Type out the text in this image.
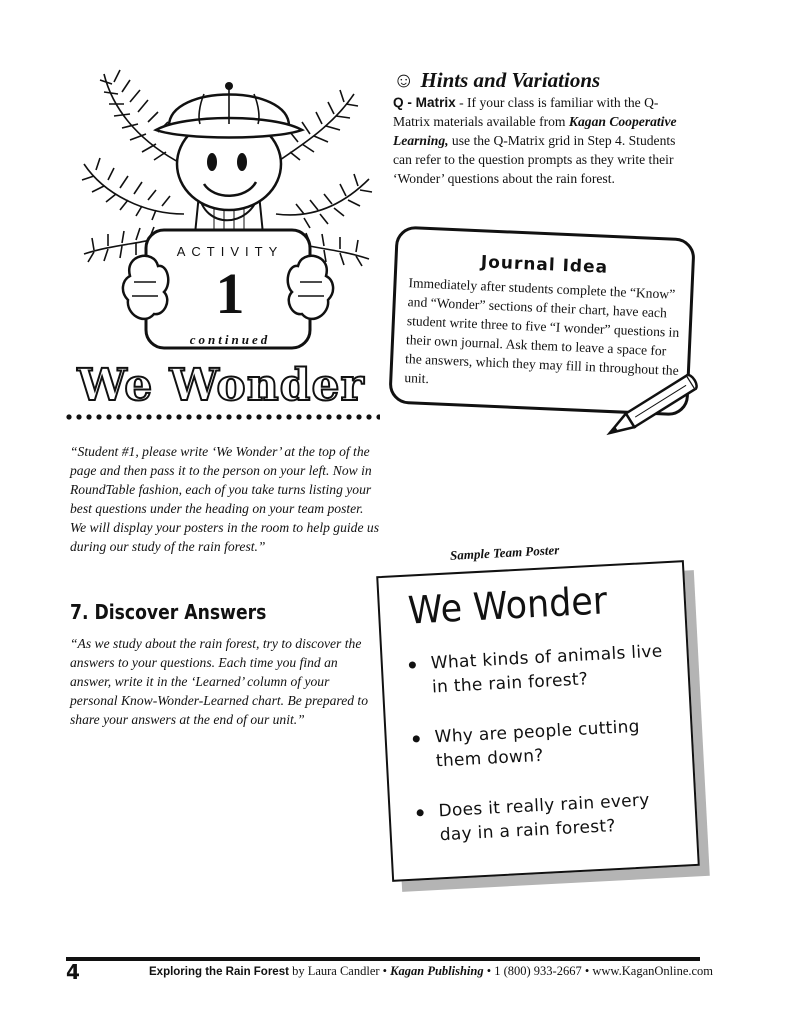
ACTIVITY
1
continued
We Wonder

“Student #1, please write ‘We Wonder’ at the top of the page and then pass it to the person on your left. Now in RoundTable fashion, each of you take turns listing your best questions under the heading on your team poster. We will display your posters in the room to help guide us during our study of the rain forest.”

7. Discover Answers

“As we study about the rain forest, try to discover the answers to your questions. Each time you find an answer, write it in the ‘Learned’ column of your personal Know-Wonder-Learned chart. Be prepared to share your answers at the end of our unit.”

☺ Hints and Variations

Q - Matrix - If your class is familiar with the Q-Matrix materials available from Kagan Cooperative Learning, use the Q-Matrix grid in Step 4. Students can refer to the question prompts as they write their ‘Wonder’ questions about the rain forest.

Journal Idea

Immediately after students complete the “Know” and “Wonder” sections of their chart, have each student write three to five “I wonder” questions in their own journal. Ask them to leave a space for the answers, which they may fill in throughout the unit.

Sample Team Poster
We Wonder
What kinds of animals live in the rain forest?
Why are people cutting them down?
Does it really rain every day in a rain forest?
4	Exploring the Rain Forest by Laura Candler • Kagan Publishing • 1 (800) 933-2667 • www.KaganOnline.com
